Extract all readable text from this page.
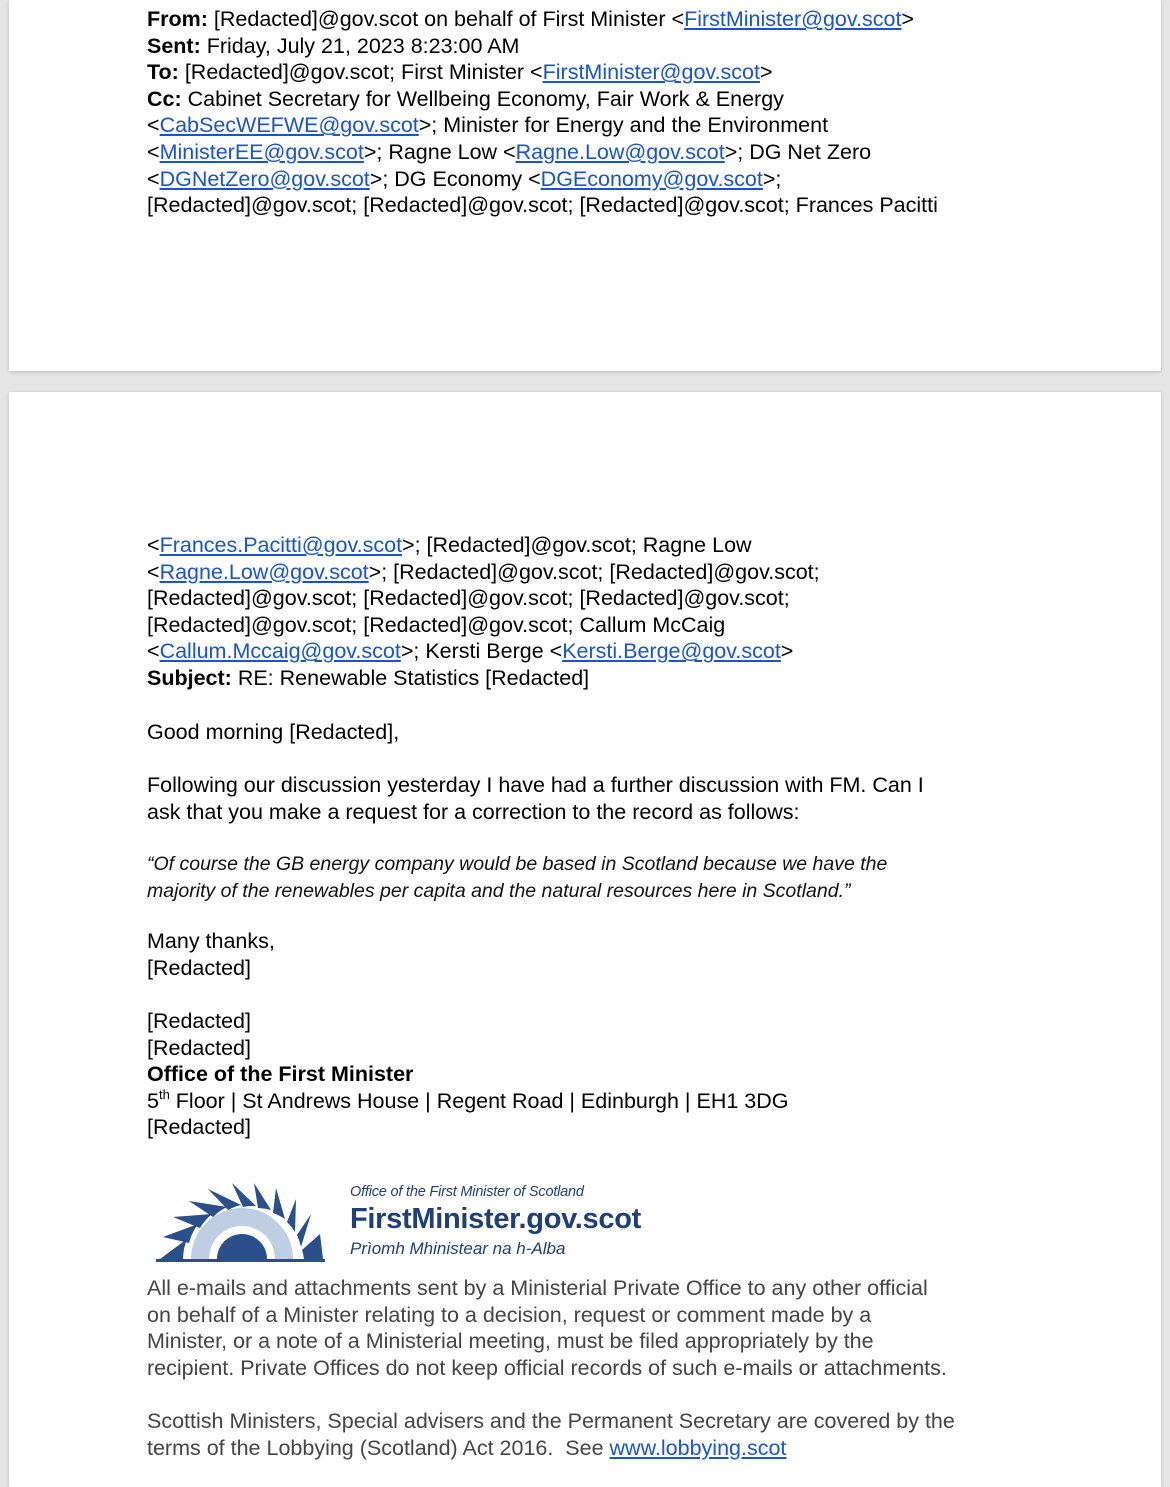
From: [Redacted]@gov.scot on behalf of First Minister <FirstMinister@gov.scot>
Sent: Friday, July 21, 2023 8:23:00 AM
To: [Redacted]@gov.scot; First Minister <FirstMinister@gov.scot>
Cc: Cabinet Secretary for Wellbeing Economy, Fair Work & Energy
<CabSecWEFWE@gov.scot>; Minister for Energy and the Environment
<MinisterEE@gov.scot>; Ragne Low <Ragne.Low@gov.scot>; DG Net Zero
<DGNetZero@gov.scot>; DG Economy <DGEconomy@gov.scot>;
[Redacted]@gov.scot; [Redacted]@gov.scot; [Redacted]@gov.scot; Frances Pacitti
<Frances.Pacitti@gov.scot>; [Redacted]@gov.scot; Ragne Low
<Ragne.Low@gov.scot>; [Redacted]@gov.scot; [Redacted]@gov.scot;
[Redacted]@gov.scot; [Redacted]@gov.scot; [Redacted]@gov.scot;
[Redacted]@gov.scot; [Redacted]@gov.scot; Callum McCaig
<Callum.Mccaig@gov.scot>; Kersti Berge <Kersti.Berge@gov.scot>
Subject: RE: Renewable Statistics [Redacted]
Good morning [Redacted],
Following our discussion yesterday I have had a further discussion with FM. Can I
ask that you make a request for a correction to the record as follows:
“Of course the GB energy company would be based in Scotland because we have the
majority of the renewables per capita and the natural resources here in Scotland.”
Many thanks,
[Redacted]
[Redacted]
[Redacted]
Office of the First Minister
5th Floor | St Andrews House | Regent Road | Edinburgh | EH1 3DG
[Redacted]
Office of the First Minister of Scotland
FirstMinister.gov.scot
Prìomh Mhinistear na h-Alba
All e-mails and attachments sent by a Ministerial Private Office to any other official
on behalf of a Minister relating to a decision, request or comment made by a
Minister, or a note of a Ministerial meeting, must be filed appropriately by the
recipient. Private Offices do not keep official records of such e-mails or attachments.
Scottish Ministers, Special advisers and the Permanent Secretary are covered by the
terms of the Lobbying (Scotland) Act 2016.  See www.lobbying.scot
